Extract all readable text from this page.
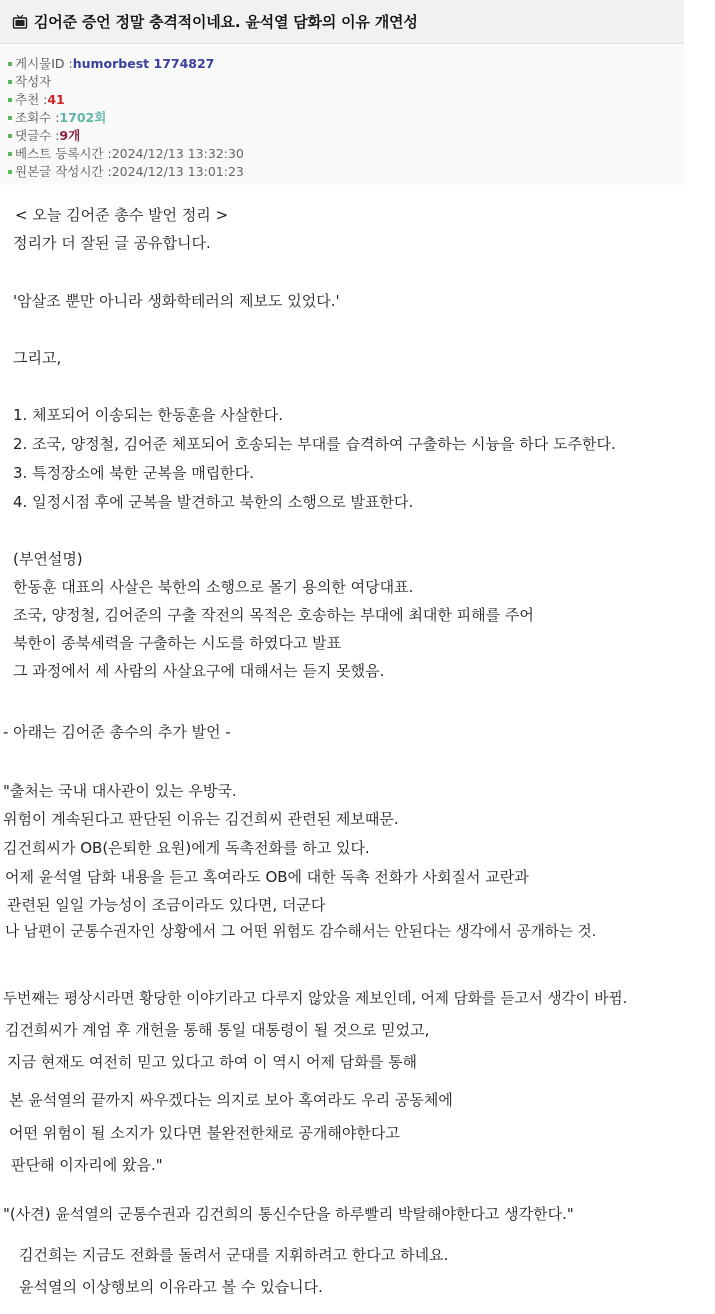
김어준 증언 정말 충격적이네요. 윤석열 담화의 이유 개연성
게시물ID : humorbest 1774827
작성자
추천 : 41
조회수 : 1702회
댓글수 : 9개
베스트 등록시간 : 2024/12/13 13:32:30
원본글 작성시간 : 2024/12/13 13:01:23
< 오늘 김어준 총수 발언 정리 >
정리가 더 잘된 글 공유합니다.
'암살조 뿐만 아니라 생화학테러의 제보도 있었다.'
그리고,
1. 체포되어 이송되는 한동훈을 사살한다.
2. 조국, 양정철, 김어준 체포되어 호송되는 부대를 습격하여 구출하는 시늉을 하다 도주한다.
3. 특정장소에 북한 군복을 매립한다.
4. 일정시점 후에 군복을 발견하고 북한의 소행으로 발표한다.
(부연설명)
한동훈 대표의 사살은 북한의 소행으로 몰기 용의한 여당대표.
조국, 양정철, 김어준의 구출 작전의 목적은 호송하는 부대에 최대한 피해를 주어
북한이 종북세력을 구출하는 시도를 하였다고 발표
그 과정에서 세 사람의 사살요구에 대해서는 듣지 못했음.
- 아래는 김어준 총수의 추가 발언 -
"출처는 국내 대사관이 있는 우방국.
위험이 계속된다고 판단된 이유는 김건희씨 관련된 제보때문.
김건희씨가 OB(은퇴한 요원)에게 독촉전화를 하고 있다.
어제 윤석열 담화 내용을 듣고 혹여라도 OB에 대한 독촉 전화가 사회질서 교란과
관련된 일일 가능성이 조금이라도 있다면, 더군다
나 남편이 군통수권자인 상황에서 그 어떤 위험도 감수해서는 안된다는 생각에서 공개하는 것.
두번째는 평상시라면 황당한 이야기라고 다루지 않았을 제보인데, 어제 담화를 듣고서 생각이 바뀜.
김건희씨가 계엄 후 개헌을 통해 통일 대통령이 될 것으로 믿었고,
지금 현재도 여전히 믿고 있다고 하여 이 역시 어제 담화를 통해
본 윤석열의 끝까지 싸우겠다는 의지로 보아 혹여라도 우리 공동체에
어떤 위험이 될 소지가 있다면 불완전한채로 공개해야한다고
판단해 이자리에 왔음."
"(사견) 윤석열의 군통수권과 김건희의 통신수단을 하루빨리 박탈해야한다고 생각한다."
김건희는 지금도 전화를 돌려서 군대를 지휘하려고 한다고 하네요.
윤석열의 이상행보의 이유라고 볼 수 있습니다.
